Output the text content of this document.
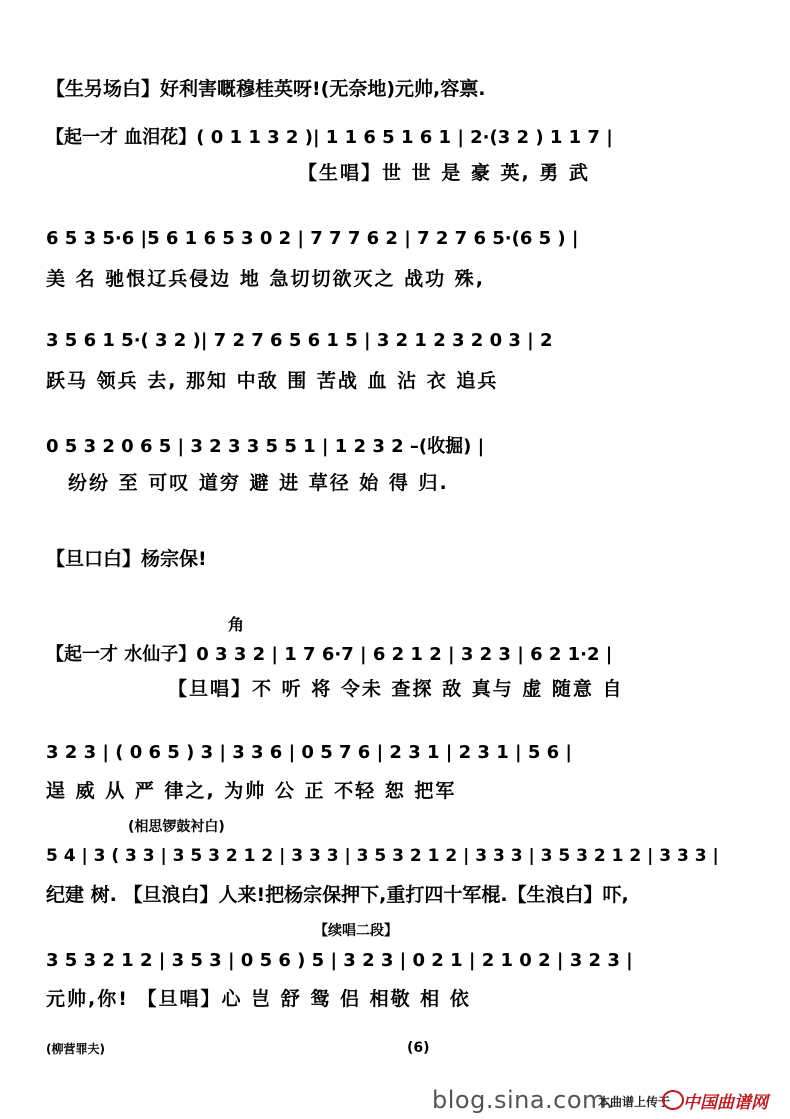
【生另场白】好利害嘅穆桂英呀!(无奈地)元帅,容禀.
【起一才 血泪花】( 0 1 1 3 2 )| 1 1 6 5 1 6 1 | 2·(3 2 ) 1 1 7 |
【生唱】世 世 是 豪 英, 勇 武
6 5 3 5·6 |5 6 1 6 5 3 0 2 | 7 7 7 6 2 | 7 2 7 6 5·(6 5 ) |
美 名 驰恨辽兵侵边 地 急切切欲灭之 战功 殊,
3 5 6 1 5·( 3 2 )| 7 2 7 6 5 6 1 5 | 3 2 1 2 3 2 0 3 | 2
跃马 领兵 去, 那知 中敌 围 苦战 血 沾 衣 追兵
0 5 3 2 0 6 5 | 3 2 3 3 5 5 1 | 1 2 3 2 –(收掘) |
纷纷 至 可叹 道穷 避 进 草径 始 得 归.
【旦口白】杨宗保!
角
【起一才 水仙子】0 3 3 2 | 1 7 6·7 | 6 2 1 2 | 3 2 3 | 6 2 1·2 |
【旦唱】不 听 将 令未 查探 敌 真与 虚 随意 自
3 2 3 | ( 0 6 5 ) 3 | 3 3 6 | 0 5 7 6 | 2 3 1 | 2 3 1 | 5 6 |
逞 威 从 严 律之, 为帅 公 正 不轻 恕 把军
(相思锣鼓衬白)
5 4 | 3 ( 3 3 | 3 5 3 2 1 2 | 3 3 3 | 3 5 3 2 1 2 | 3 3 3 | 3 5 3 2 1 2 | 3 3 3 |
纪建 树. 【旦浪白】人来!把杨宗保押下,重打四十军棍.【生浪白】吓,
【续唱二段】
3 5 3 2 1 2 | 3 5 3 | 0 5 6 ) 5 | 3 2 3 | 0 2 1 | 2 1 0 2 | 3 2 3 |
元帅,你! 【旦唱】心 岂 舒 鸳 侣 相敬 相 依
(柳营罪夫)	(6)
blog.sina.com.
本曲谱上传于 中国曲谱网
